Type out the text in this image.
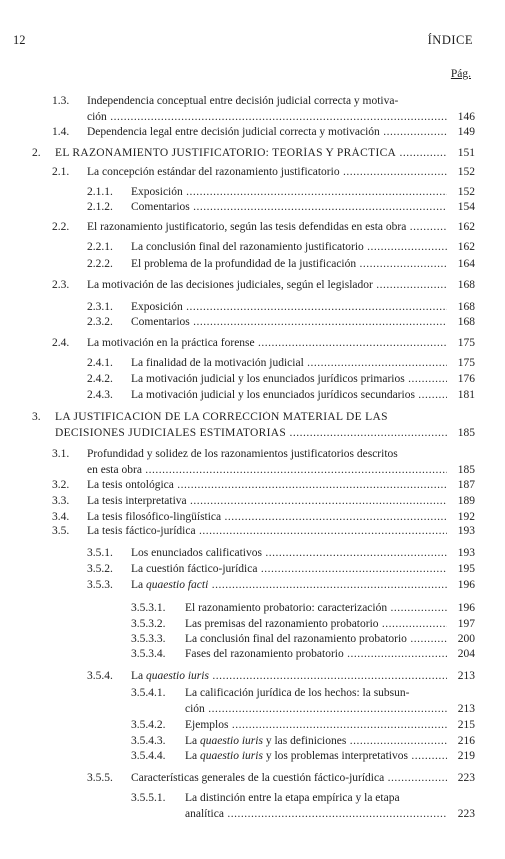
12	ÍNDICE
Pág.
1.3. Independencia conceptual entre decisión judicial correcta y motiva-
ción .....	146
1.4. Dependencia legal entre decisión judicial correcta y motivación .....	149
2. EL RAZONAMIENTO JUSTIFICATORIO: TEORÍAS Y PRÁCTICA .....	151
2.1. La concepción estándar del razonamiento justificatorio .....	152
2.1.1. Exposición .....	152
2.1.2. Comentarios .....	154
2.2. El razonamiento justificatorio, según las tesis defendidas en esta obra .....	162
2.2.1. La conclusión final del razonamiento justificatorio .....	162
2.2.2. El problema de la profundidad de la justificación .....	164
2.3. La motivación de las decisiones judiciales, según el legislador .....	168
2.3.1. Exposición .....	168
2.3.2. Comentarios .....	168
2.4. La motivación en la práctica forense .....	175
2.4.1. La finalidad de la motivación judicial .....	175
2.4.2. La motivación judicial y los enunciados jurídicos primarios .....	176
2.4.3. La motivación judicial y los enunciados jurídicos secundarios .....	181
3. LA JUSTIFICACIÓN DE LA CORRECCIÓN MATERIAL DE LAS
DECISIONES JUDICIALES ESTIMATORIAS .....	185
3.1. Profundidad y solidez de los razonamientos justificatorios descritos
en esta obra .....	185
3.2. La tesis ontológica .....	187
3.3. La tesis interpretativa .....	189
3.4. La tesis filosófico-lingüística .....	192
3.5. La tesis fáctico-jurídica .....	193
3.5.1. Los enunciados calificativos .....	193
3.5.2. La cuestión fáctico-jurídica .....	195
3.5.3. La quaestio facti .....	196
3.5.3.1. El razonamiento probatorio: caracterización .....	196
3.5.3.2. Las premisas del razonamiento probatorio .....	197
3.5.3.3. La conclusión final del razonamiento probatorio .....	200
3.5.3.4. Fases del razonamiento probatorio .....	204
3.5.4. La quaestio iuris .....	213
3.5.4.1. La calificación jurídica de los hechos: la subsun-
ción .....	213
3.5.4.2. Ejemplos .....	215
3.5.4.3. La quaestio iuris y las definiciones .....	216
3.5.4.4. La quaestio iuris y los problemas interpretativos .....	219
3.5.5. Características generales de la cuestión fáctico-jurídica .....	223
3.5.5.1. La distinción entre la etapa empírica y la etapa
analítica .....	223
